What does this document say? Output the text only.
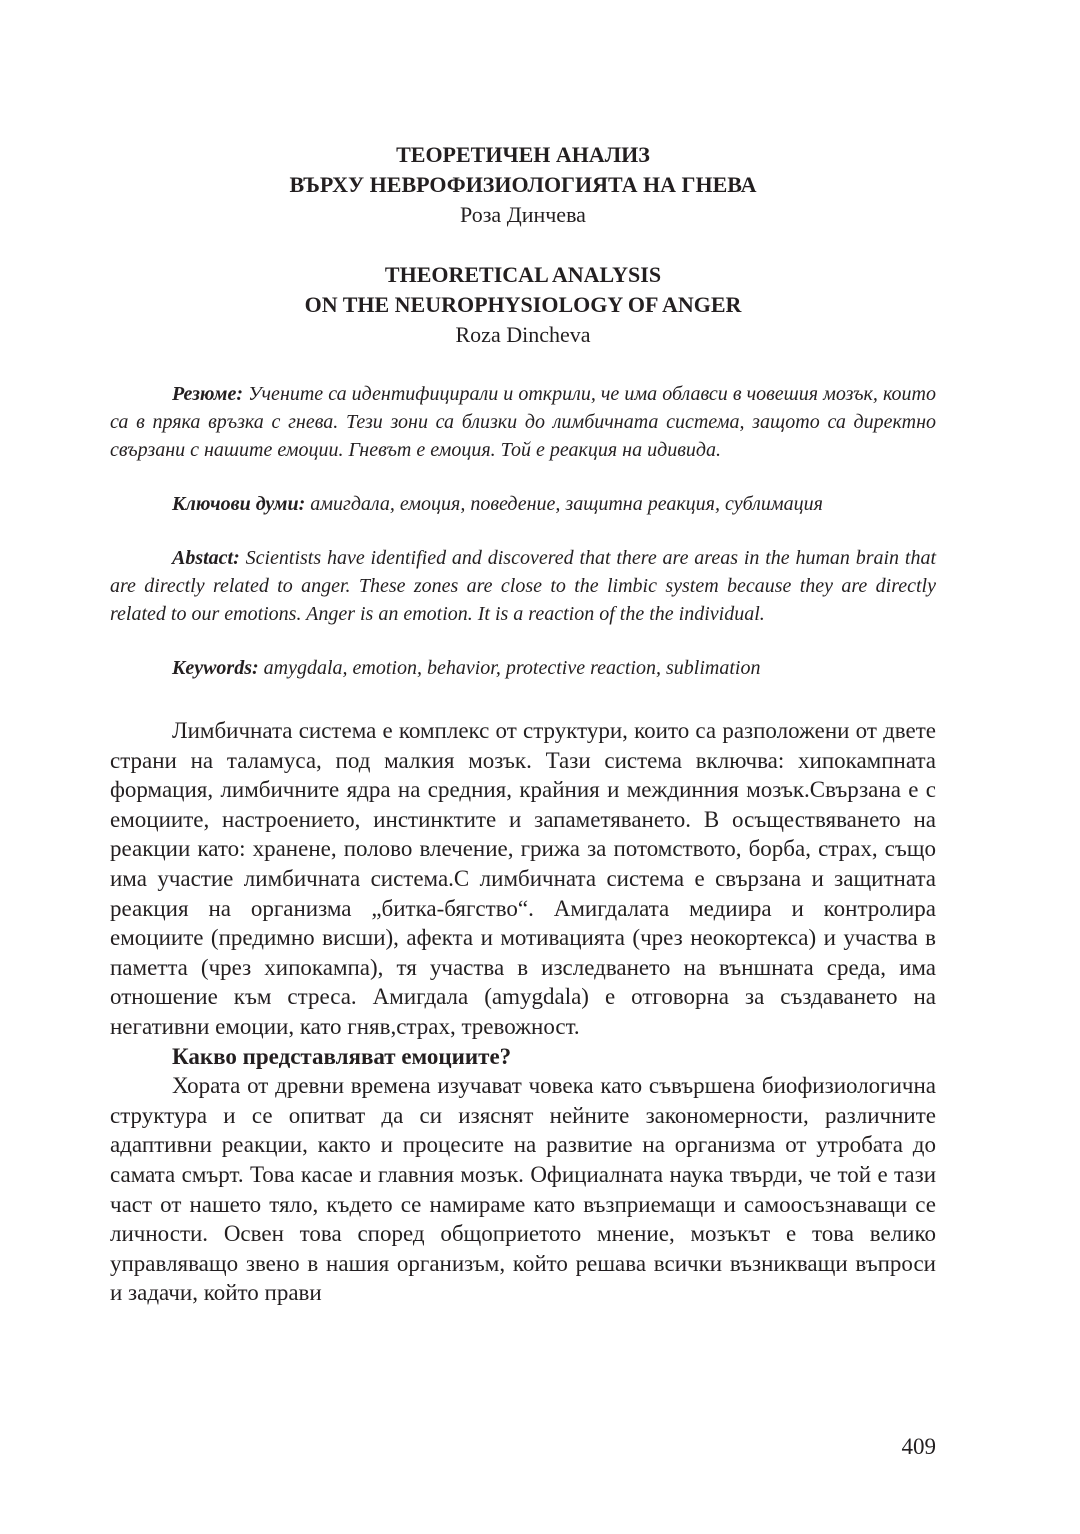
ТЕОРЕТИЧЕН АНАЛИЗ
ВЪРХУ НЕВРОФИЗИОЛОГИЯТА НА ГНЕВА
Роза Динчева
THEORETICAL ANALYSIS
ON THE NEUROPHYSIOLOGY OF ANGER
Roza Dincheva

Резюме: Учените са идентифицирали и открили, че има облавси в човешия мозък, които са в пряка връзка с гнева. Тези зони са близки до лимбичната система, защото са директно свързани с нашите емоции. Гневът е емоция. Той е реакция на идивида.

Ключови думи: амигдала, емоция, поведение, защитна реакция, сублимация

Abstact: Scientists have identified and discovered that there are areas in the human brain that are directly related to anger. These zones are close to the limbic system because they are directly related to our emotions. Anger is an emotion. It is a reaction of the the individual.

Keywords: amygdala, emotion, behavior, protective reaction, sublimation

Лимбичната система е комплекс от структури, които са разположени от двете страни на таламуса, под малкия мозък. Тази система включва: хипокампната формация, лимбичните ядра на средния, крайния и междинния мозък.Свързана е с емоциите, настроението, инстинктите и запаметяването. В осъществяването на реакции като: хранене, полово влечение, грижа за потомството, борба, страх, също има участие лимбичната система.С лимбичната система е свързана и защитната реакция на организма „битка-бягство“. Амигдалата медиира и контролира емоциите (предимно висши), афекта и мотивацията (чрез неокортекса) и участва в паметта (чрез хипокампа), тя участва в изследването на външната среда, има отношение към стреса. Амигдала (amygdala) е отговорна за създаването на негативни емоции, като гняв,страх, тревожност.

Какво представляват емоциите?

Хората от древни времена изучават човека като съвършена биофизиологична структура и се опитват да си изяснят нейните закономерности, различните адаптивни реакции, както и процесите на развитие на организма от утробата до самата смърт. Това касае и главния мозък. Официалната наука твърди, че той е тази част от нашето тяло, където се намираме като възприемащи и самоосъзнаващи се личности. Освен това според общоприетото мнение, мозъкът е това велико управляващо звено в нашия организъм, който решава всички възникващи въпроси и задачи, който прави

409
